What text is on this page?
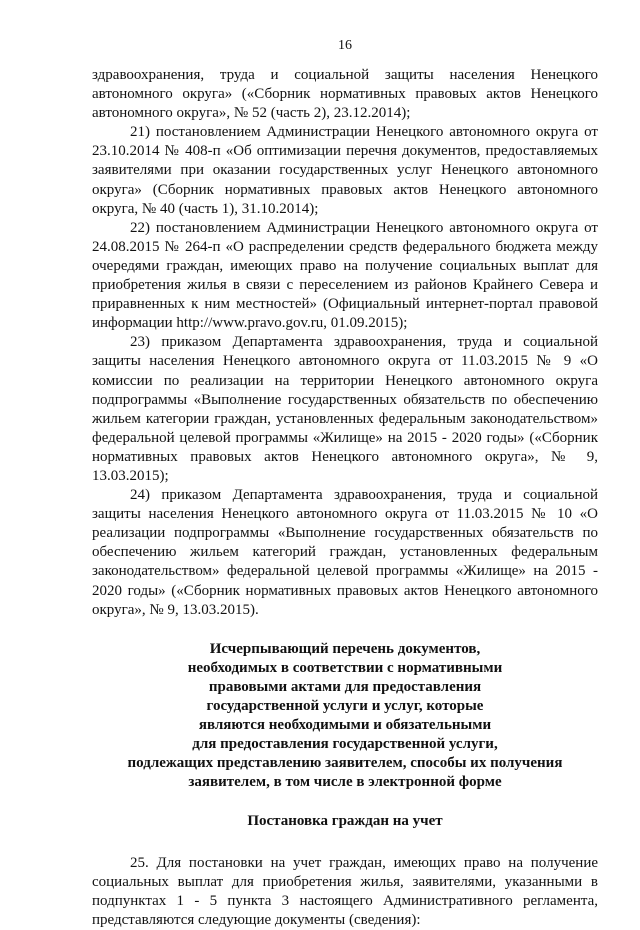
16

здравоохранения, труда и социальной защиты населения Ненецкого автономного округа» («Сборник нормативных правовых актов Ненецкого автономного округа», № 52 (часть 2), 23.12.2014);

21) постановлением Администрации Ненецкого автономного округа от 23.10.2014 № 408-п «Об оптимизации перечня документов, предоставляемых заявителями при оказании государственных услуг Ненецкого автономного округа» (Сборник нормативных правовых актов Ненецкого автономного округа, № 40 (часть 1), 31.10.2014);

22) постановлением Администрации Ненецкого автономного округа от 24.08.2015 № 264-п «О распределении средств федерального бюджета между очередями граждан, имеющих право на получение социальных выплат для приобретения жилья в связи с переселением из районов Крайнего Севера и приравненных к ним местностей» (Официальный интернет-портал правовой информации http://www.pravo.gov.ru, 01.09.2015);

23) приказом Департамента здравоохранения, труда и социальной защиты населения Ненецкого автономного округа от 11.03.2015 № 9 «О комиссии по реализации на территории Ненецкого автономного округа подпрограммы «Выполнение государственных обязательств по обеспечению жильем категории граждан, установленных федеральным законодательством» федеральной целевой программы «Жилище» на 2015 - 2020 годы» («Сборник нормативных правовых актов Ненецкого автономного округа», № 9, 13.03.2015);

24) приказом Департамента здравоохранения, труда и социальной защиты населения Ненецкого автономного округа от 11.03.2015 № 10 «О реализации подпрограммы «Выполнение государственных обязательств по обеспечению жильем категорий граждан, установленных федеральным законодательством» федеральной целевой программы «Жилище» на 2015 - 2020 годы» («Сборник нормативных правовых актов Ненецкого автономного округа», № 9, 13.03.2015).

Исчерпывающий перечень документов,
необходимых в соответствии с нормативными
правовыми актами для предоставления
государственной услуги и услуг, которые
являются необходимыми и обязательными
для предоставления государственной услуги,
подлежащих представлению заявителем, способы их получения
заявителем, в том числе в электронной форме
Постановка граждан на учет

25. Для постановки на учет граждан, имеющих право на получение социальных выплат для приобретения жилья, заявителями, указанными в подпунктах 1 - 5 пункта 3 настоящего Административного регламента, представляются следующие документы (сведения):
